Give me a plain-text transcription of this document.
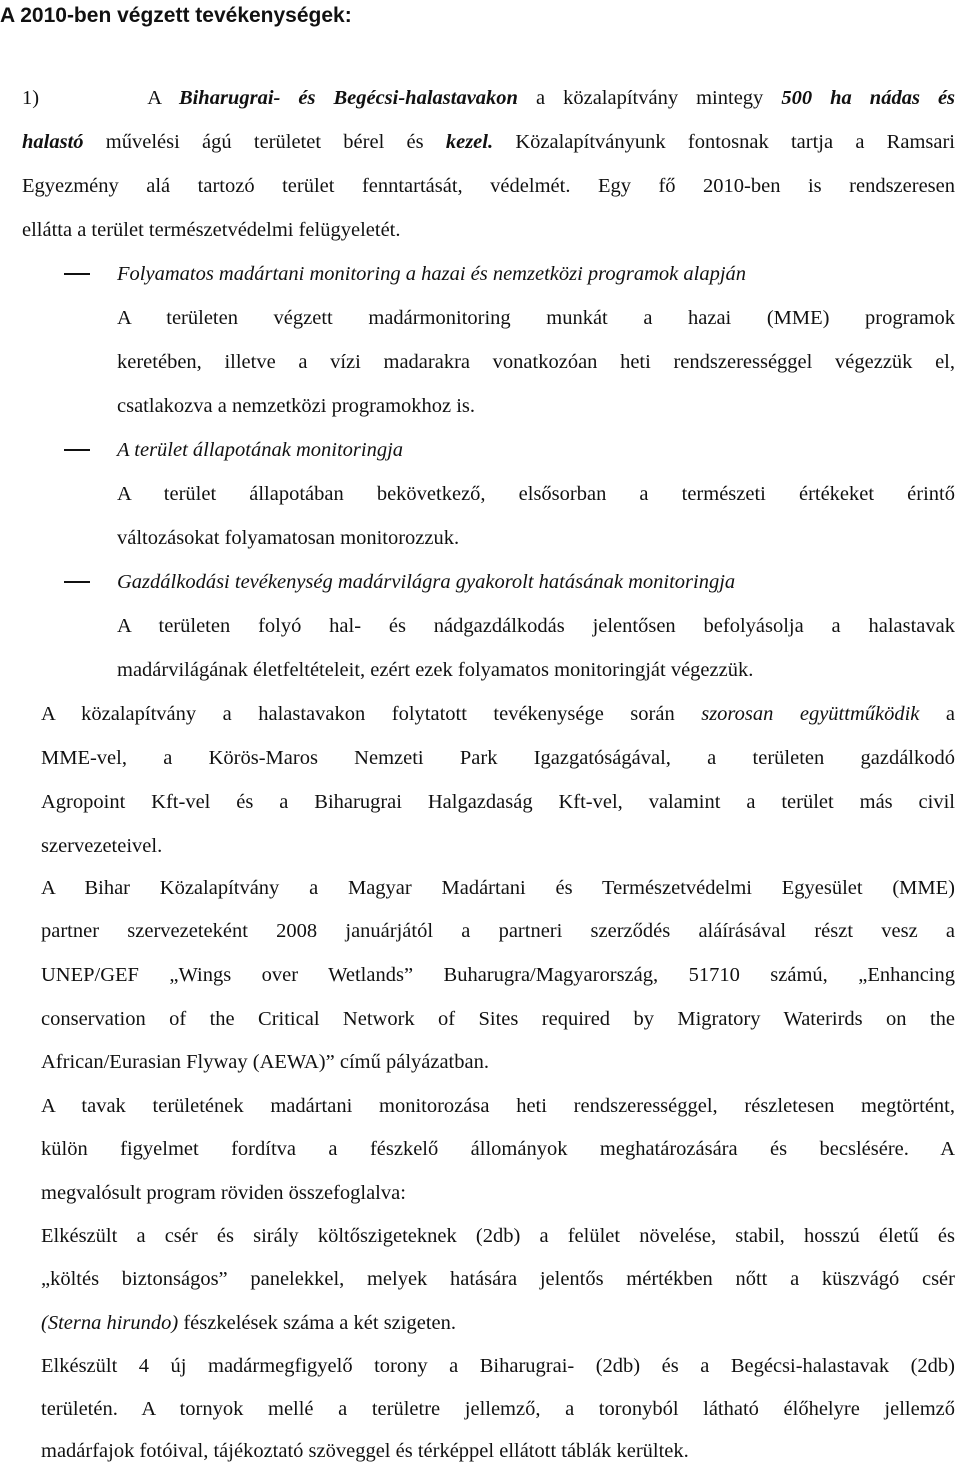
A 2010-ben végzett tevékenységek:
1)	A Biharugrai- és Begécsi-halastavakon a közalapítvány mintegy 500 ha nádas és
halastó művelési ágú területet bérel és kezel. Közalapítványunk fontosnak tartja a Ramsari
Egyezmény alá tartozó terület fenntartását, védelmét. Egy fő 2010-ben is rendszeresen
ellátta a terület természetvédelmi felügyeletét.
Folyamatos madártani monitoring a hazai és nemzetközi programok alapján
A területen végzett madármonitoring munkát a hazai (MME) programok
keretében, illetve a vízi madarakra vonatkozóan heti rendszerességgel végezzük el,
csatlakozva a nemzetközi programokhoz is.
A terület állapotának monitoringja
A terület állapotában bekövetkező, elsősorban a természeti értékeket érintő
változásokat folyamatosan monitorozzuk.
Gazdálkodási tevékenység madárvilágra gyakorolt hatásának monitoringja
A területen folyó hal- és nádgazdálkodás jelentősen befolyásolja a halastavak
madárvilágának életfeltételeit, ezért ezek folyamatos monitoringját végezzük.
A közalapítvány a halastavakon folytatott tevékenysége során szorosan együttműködik a
MME-vel, a Körös-Maros Nemzeti Park Igazgatóságával, a területen gazdálkodó
Agropoint Kft-vel és a Biharugrai Halgazdaság Kft-vel, valamint a terület más civil
szervezeteivel.
A Bihar Közalapítvány a Magyar Madártani és Természetvédelmi Egyesület (MME)
partner szervezeteként 2008 januárjától a partneri szerződés aláírásával részt vesz a
UNEP/GEF „Wings over Wetlands” Buharugra/Magyarország, 51710 számú, „Enhancing
conservation of the Critical Network of Sites required by Migratory Waterirds on the
African/Eurasian Flyway (AEWA)” című pályázatban.
A tavak területének madártani monitorozása heti rendszerességgel, részletesen megtörtént,
külön figyelmet fordítva a fészkelő állományok meghatározására és becslésére. A
megvalósult program röviden összefoglalva:
Elkészült a csér és sirály költőszigeteknek (2db) a felület növelése, stabil, hosszú életű és
„költés biztonságos” panelekkel, melyek hatására jelentős mértékben nőtt a küszvágó csér
(Sterna hirundo) fészkelések száma a két szigeten.
Elkészült 4 új madármegfigyelő torony a Biharugrai- (2db) és a Begécsi-halastavak (2db)
területén. A tornyok mellé a területre jellemző, a toronyból látható élőhelyre jellemző
madárfajok fotóival, tájékoztató szöveggel és térképpel ellátott táblák kerültek.
